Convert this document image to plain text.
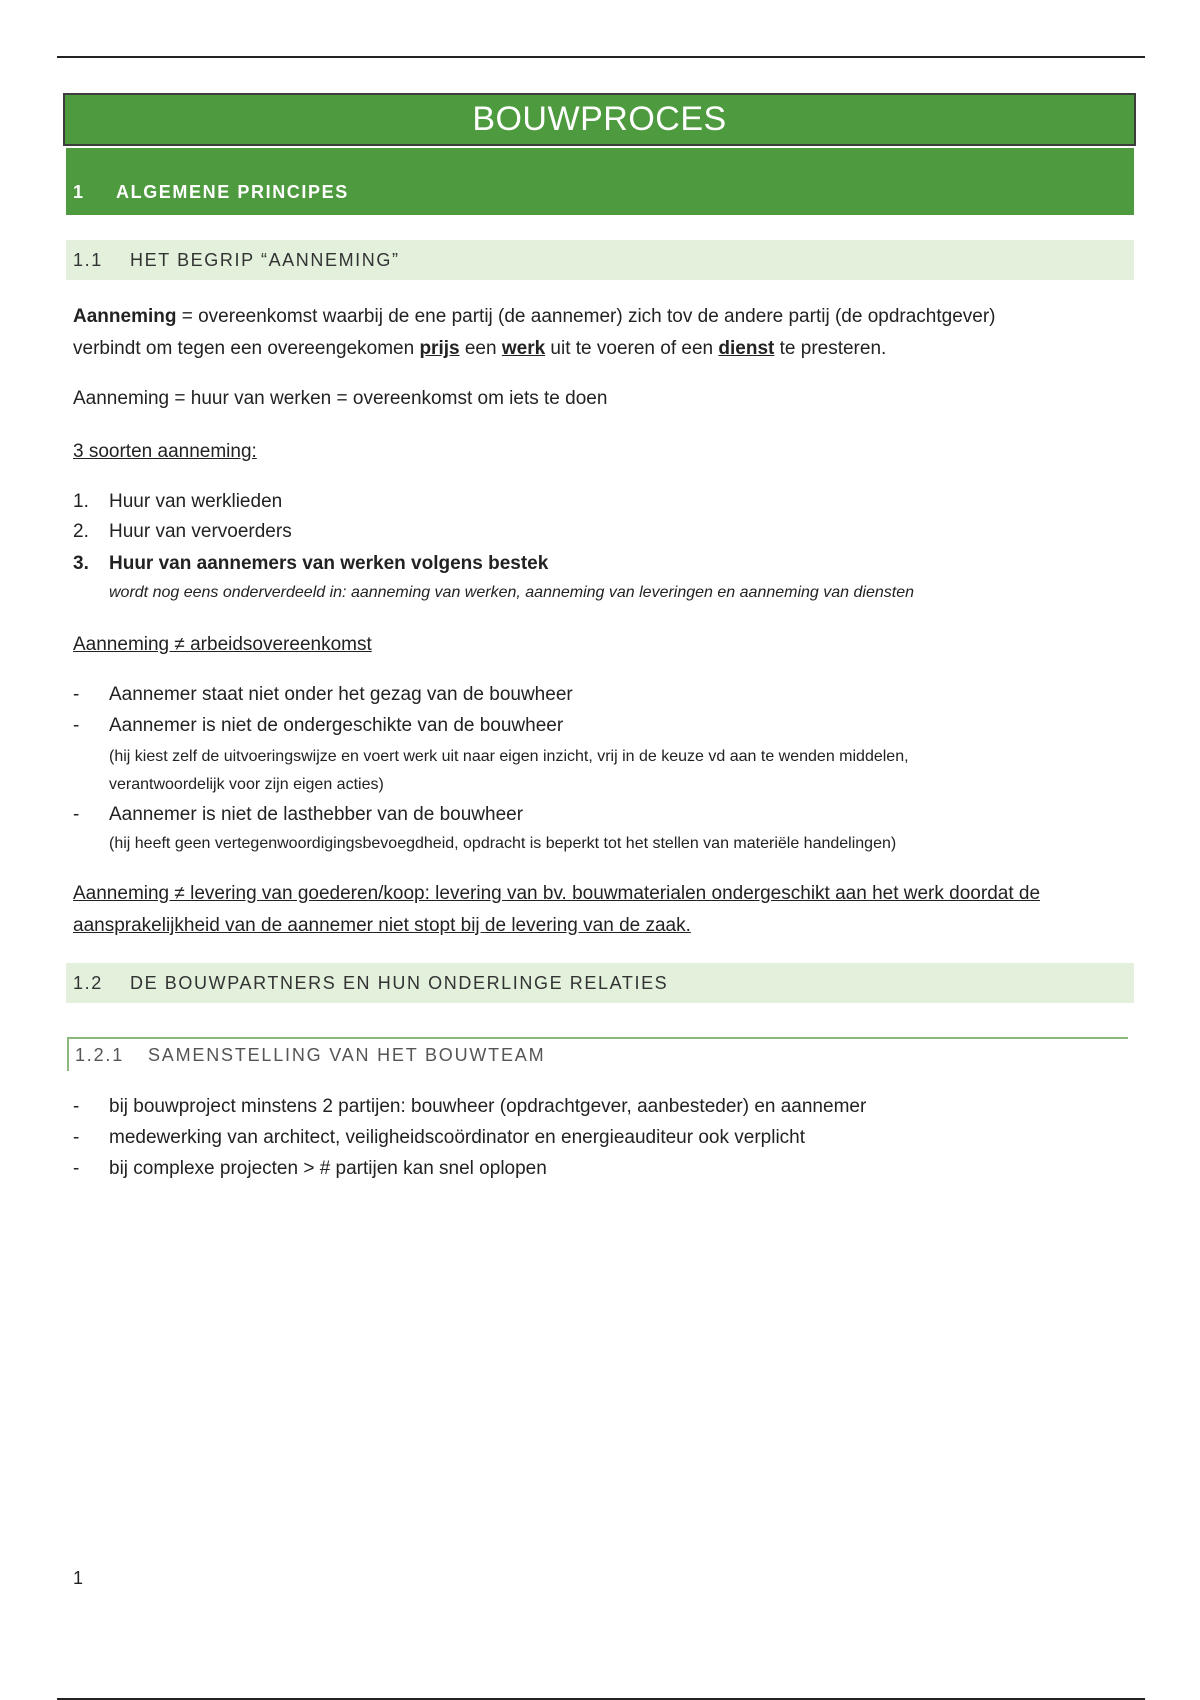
BOUWPROCES
1 ALGEMENE PRINCIPES
1.1 HET BEGRIP “AANNEMING”
Aanneming = overeenkomst waarbij de ene partij (de aannemer) zich tov de andere partij (de opdrachtgever)
verbindt om tegen een overeengekomen prijs een werk uit te voeren of een dienst te presteren.
Aanneming = huur van werken = overeenkomst om iets te doen
3 soorten aanneming:
1. Huur van werklieden
2. Huur van vervoerders
3. Huur van aannemers van werken volgens bestek
wordt nog eens onderverdeeld in: aanneming van werken, aanneming van leveringen en aanneming van diensten
Aanneming ≠ arbeidsovereenkomst
- Aannemer staat niet onder het gezag van de bouwheer
- Aannemer is niet de ondergeschikte van de bouwheer
(hij kiest zelf de uitvoeringswijze en voert werk uit naar eigen inzicht, vrij in de keuze vd aan te wenden middelen,
verantwoordelijk voor zijn eigen acties)
- Aannemer is niet de lasthebber van de bouwheer
(hij heeft geen vertegenwoordigingsbevoegdheid, opdracht is beperkt tot het stellen van materiële handelingen)
Aanneming ≠ levering van goederen/koop: levering van bv. bouwmaterialen ondergeschikt aan het werk doordat de
aansprakelijkheid van de aannemer niet stopt bij de levering van de zaak.
1.2 DE BOUWPARTNERS EN HUN ONDERLINGE RELATIES
1.2.1 SAMENSTELLING VAN HET BOUWTEAM
- bij bouwproject minstens 2 partijen: bouwheer (opdrachtgever, aanbesteder) en aannemer
- medewerking van architect, veiligheidscoördinator en energieauditeur ook verplicht
- bij complexe projecten > # partijen kan snel oplopen
1
